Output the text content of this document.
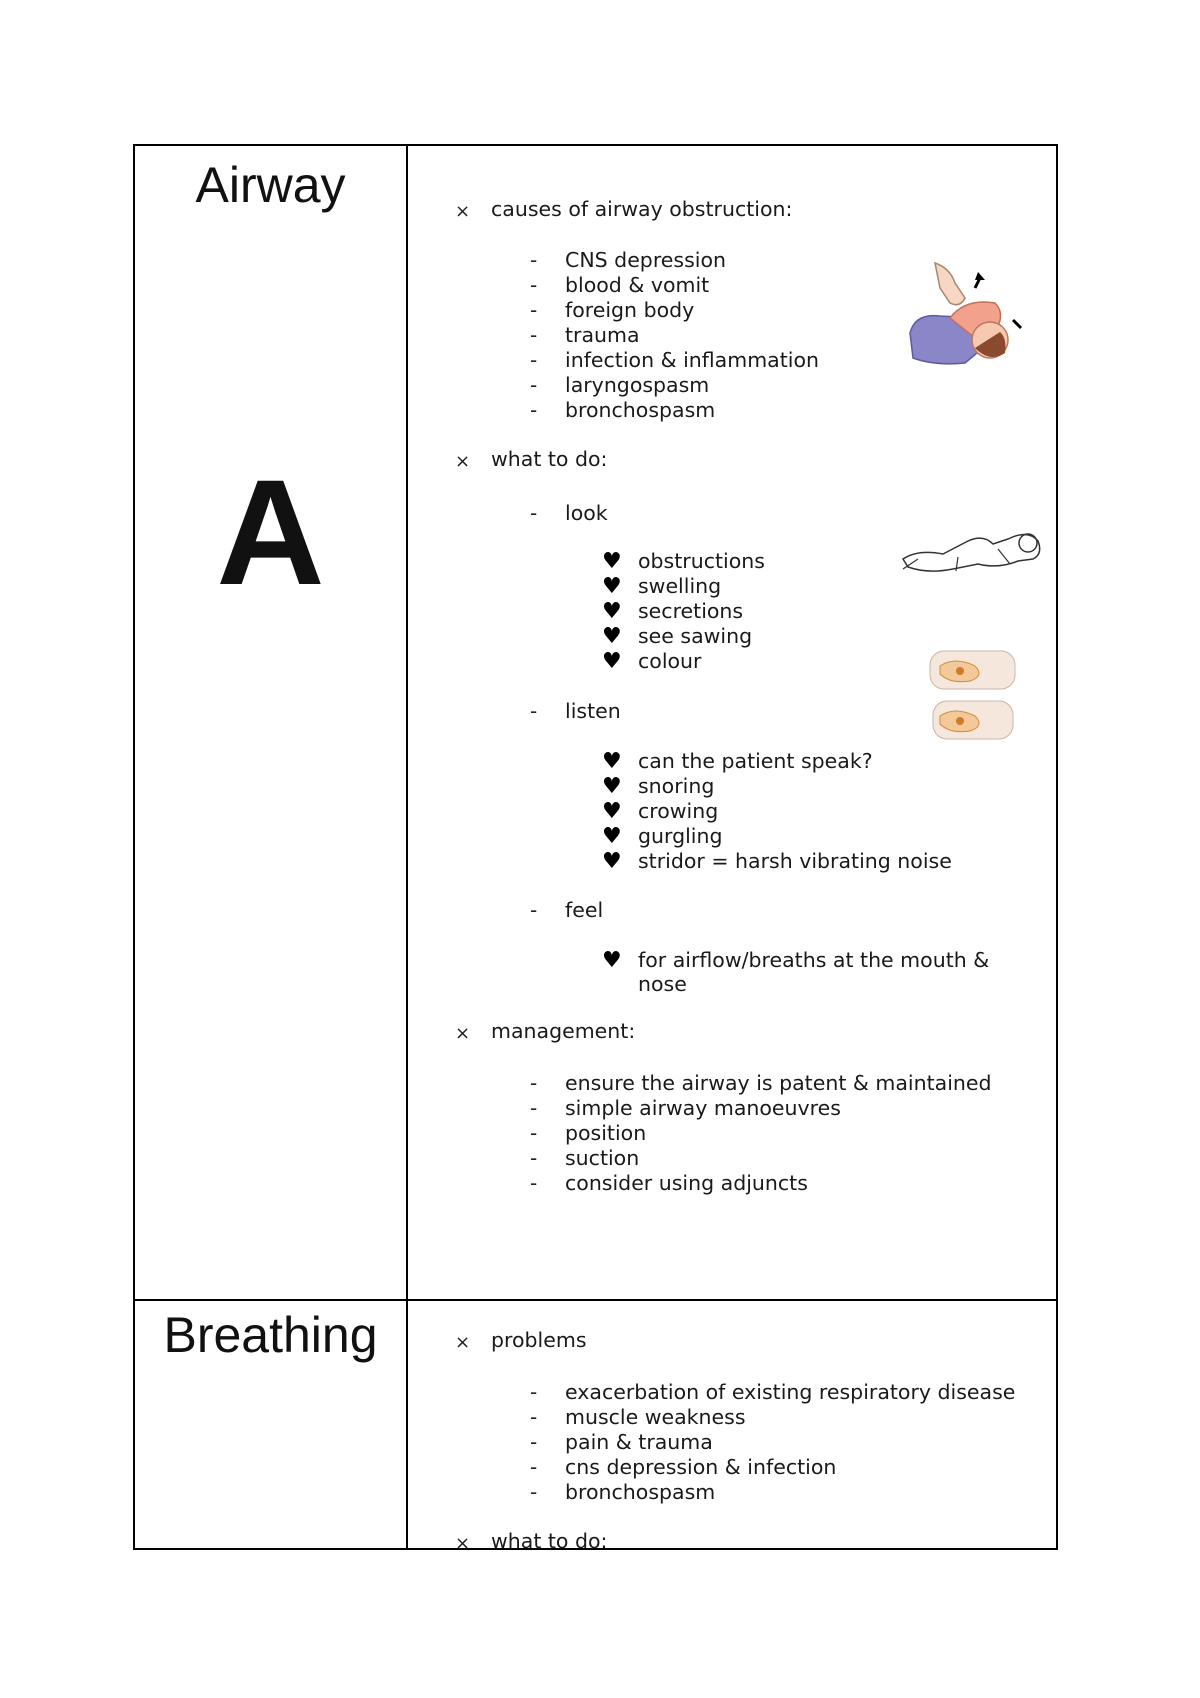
Airway
A
Breathing
× causes of airway obstruction:
- CNS depression
- blood & vomit
- foreign body
- trauma
- infection & inflammation
- laryngospasm
- bronchospasm
× what to do:
- look
♥ obstructions
♥ swelling
♥ secretions
♥ see sawing
♥ colour
- listen
♥ can the patient speak?
♥ snoring
♥ crowing
♥ gurgling
♥ stridor = harsh vibrating noise
- feel
♥ for airflow/breaths at the mouth &
nose
× management:
- ensure the airway is patent & maintained
- simple airway manoeuvres
- position
- suction
- consider using adjuncts
× problems
- exacerbation of existing respiratory disease
- muscle weakness
- pain & trauma
- cns depression & infection
- bronchospasm
× what to do:
